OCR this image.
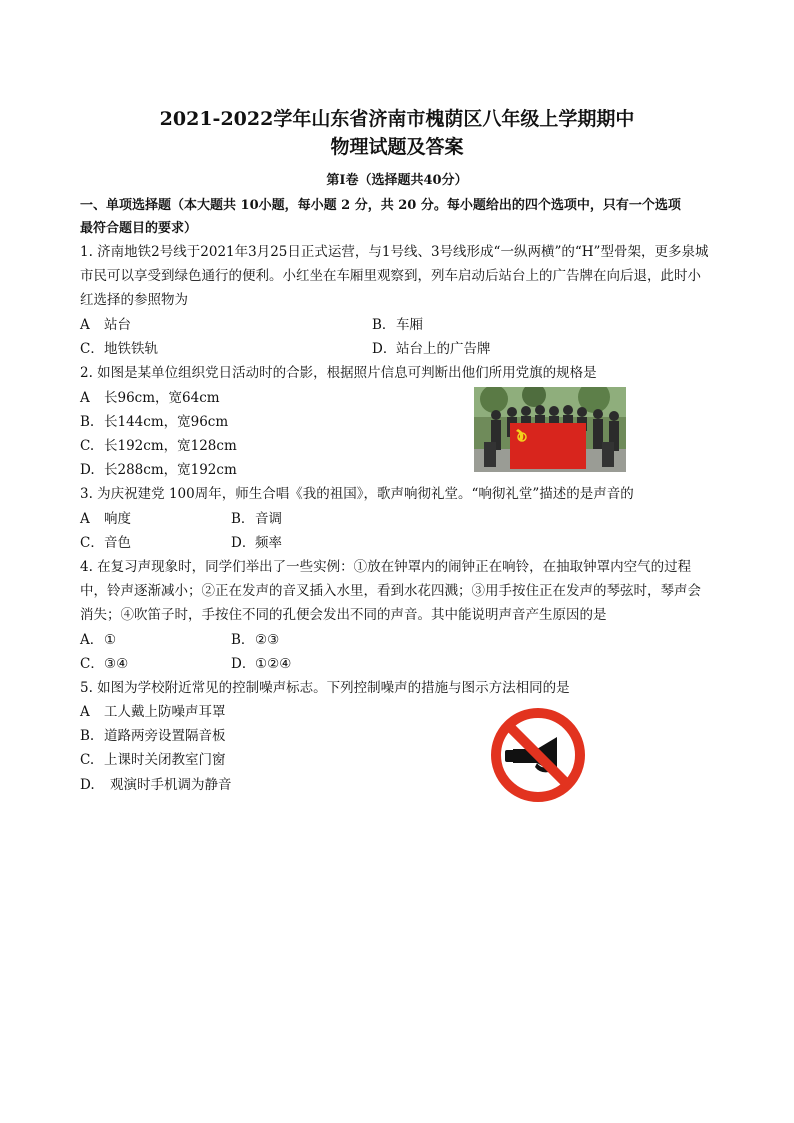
2021-2022学年山东省济南市槐荫区八年级上学期期中
物理试题及答案
第Ⅰ卷（选择题共40分）
一、单项选择题（本大题共 10小题，每小题 2 分，共 20 分。每小题给出的四个选项中，只有一个选项
最符合题目的要求）
1. 济南地铁2号线于2021年3月25日正式运营，与1号线、3号线形成“一纵两横”的“H”型骨架，更多泉城
市民可以享受到绿色通行的便利。小红坐在车厢里观察到，列车启动后站台上的广告牌在向后退，此时小
红选择的参照物为
A 站台	B．车厢
C．地铁铁轨	D．站台上的广告牌
2. 如图是某单位组织党日活动时的合影，根据照片信息可判断出他们所用党旗的规格是
A 长96cm，宽64cm
B. 长144cm，宽96cm
C. 长192cm，宽128cm
D. 长288cm，宽192cm
3. 为庆祝建党 100周年，师生合唱《我的祖国》，歌声响彻礼堂。“响彻礼堂”描述的是声音的
A 响度	B．音调
C．音色	D．频率
4. 在复习声现象时，同学们举出了一些实例：①放在钟罩内的闹钟正在响铃，在抽取钟罩内空气的过程
中，铃声逐渐减小；②正在发声的音叉插入水里，看到水花四溅；③用手按住正在发声的琴弦时，琴声会
消失；④吹笛子时，手按住不同的孔便会发出不同的声音。其中能说明声音产生原因的是
A．①	B．②③
C．③④	D．①②④
5. 如图为学校附近常见的控制噪声标志。下列控制噪声的措施与图示方法相同的是
A 工人戴上防噪声耳罩
B. 道路两旁设置隔音板
C. 上课时关闭教室门窗
D. 观演时手机调为静音
